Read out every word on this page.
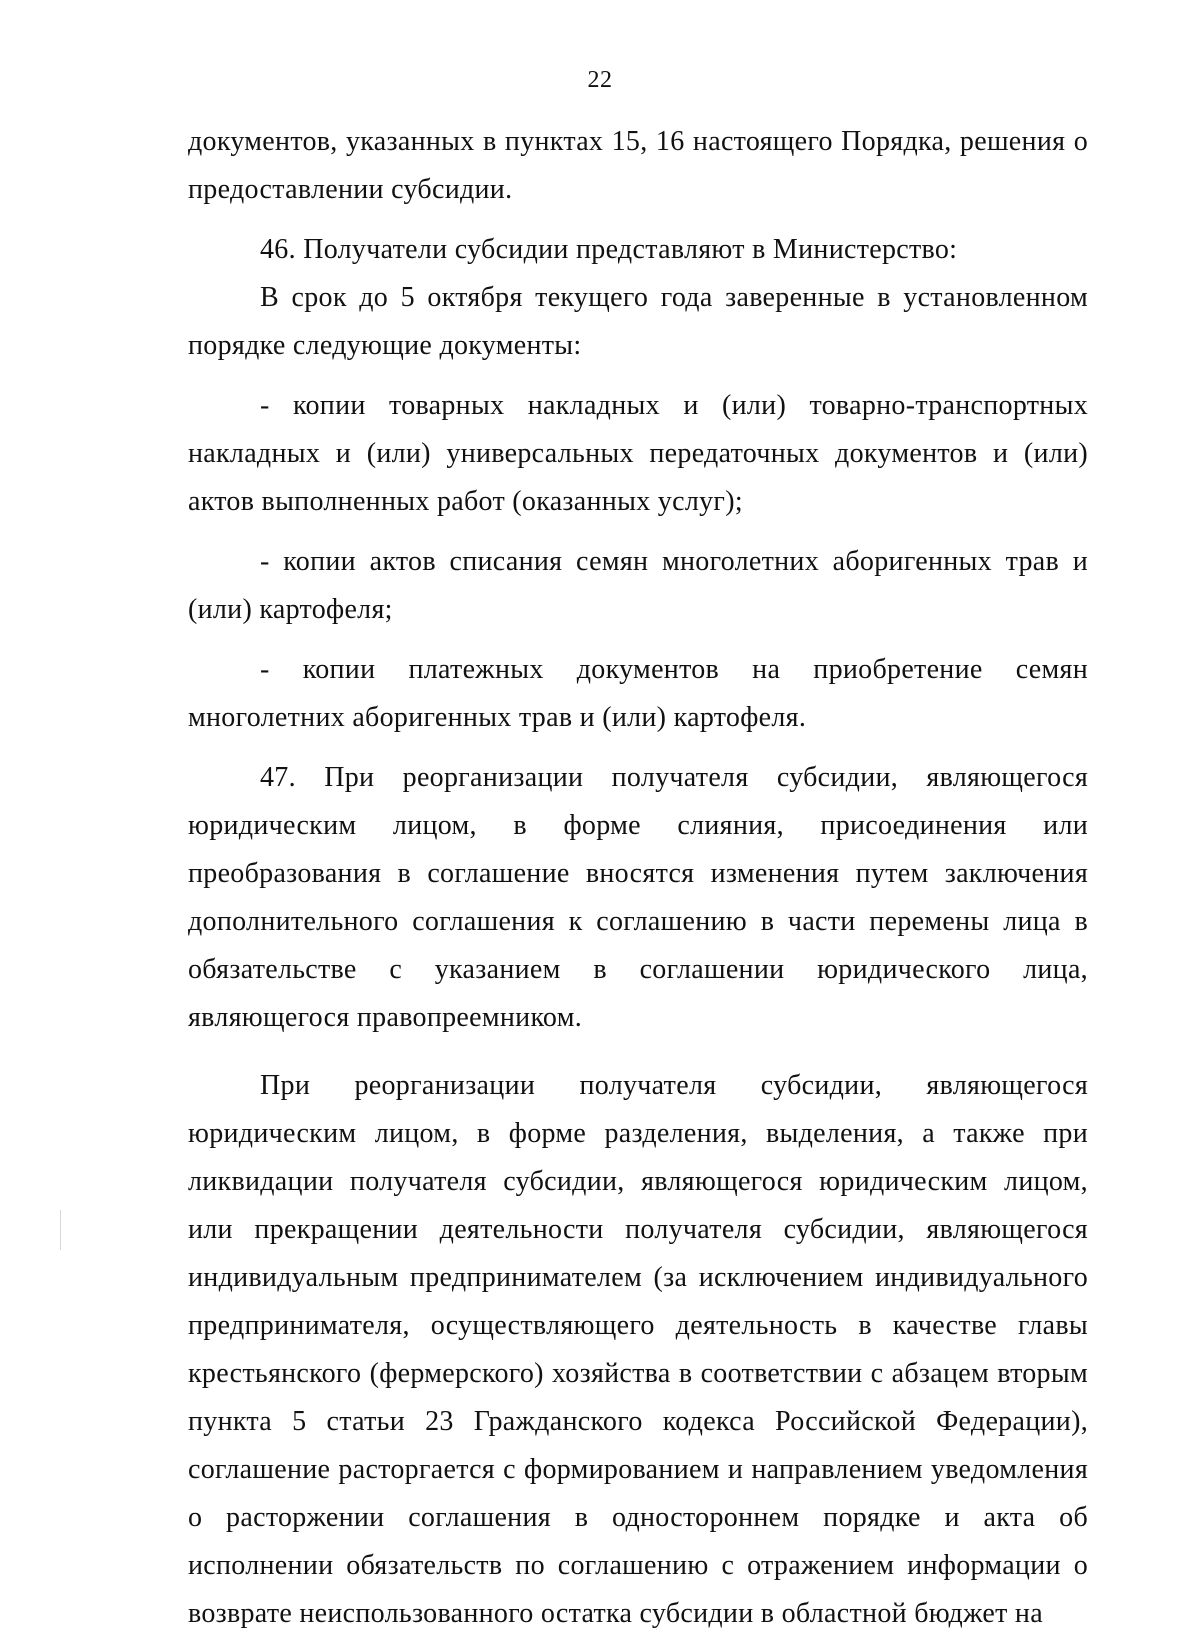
22

документов, указанных в пунктах 15, 16 настоящего Порядка, решения о предоставлении субсидии.

46. Получатели субсидии представляют в Министерство:

В срок до 5 октября текущего года заверенные в установленном порядке следующие документы:

- копии товарных накладных и (или) товарно-транспортных накладных и (или) универсальных передаточных документов и (или) актов выполненных работ (оказанных услуг);

- копии актов списания семян многолетних аборигенных трав и (или) картофеля;

- копии платежных документов на приобретение семян многолетних аборигенных трав и (или) картофеля.

47. При реорганизации получателя субсидии, являющегося юридическим лицом, в форме слияния, присоединения или преобразования в соглашение вносятся изменения путем заключения дополнительного соглашения к соглашению в части перемены лица в обязательстве с указанием в соглашении юридического лица, являющегося правопреемником.

При реорганизации получателя субсидии, являющегося юридическим лицом, в форме разделения, выделения, а также при ликвидации получателя субсидии, являющегося юридическим лицом, или прекращении деятельности получателя субсидии, являющегося индивидуальным предпринимателем (за исключением индивидуального предпринимателя, осуществляющего деятельность в качестве главы крестьянского (фермерского) хозяйства в соответствии с абзацем вторым пункта 5 статьи 23 Гражданского кодекса Российской Федерации), соглашение расторгается с формированием и направлением уведомления о расторжении соглашения в одностороннем порядке и акта об исполнении обязательств по соглашению с отражением информации о возврате неиспользованного остатка субсидии в областной бюджет на
